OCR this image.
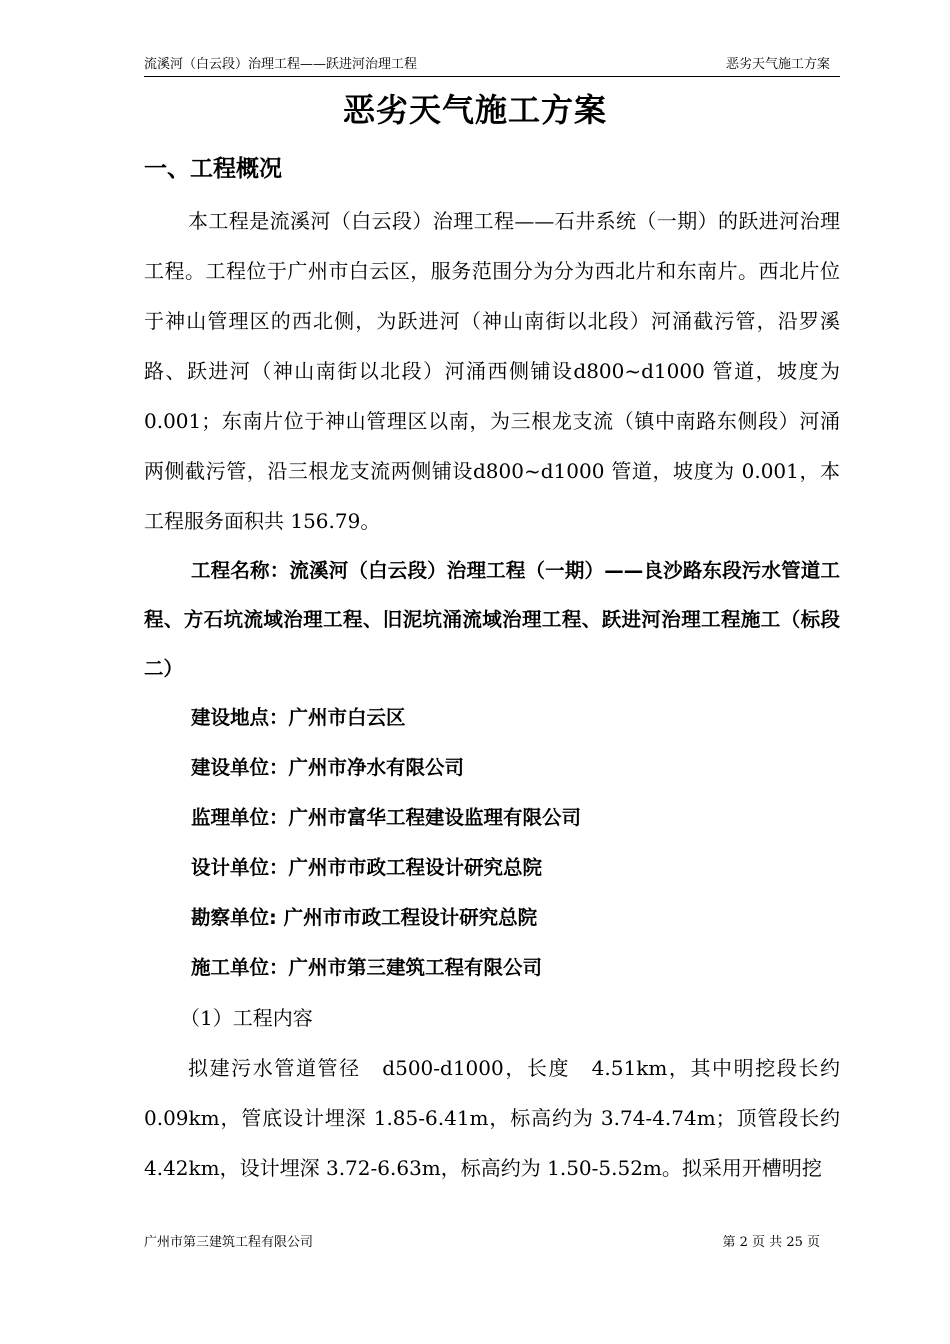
流溪河（白云段）治理工程——跃进河治理工程	恶劣天气施工方案
恶劣天气施工方案
一、工程概况

本工程是流溪河（白云段）治理工程——石井系统（一期）的跃进河治理工程。工程位于广州市白云区，服务范围分为分为西北片和东南片。西北片位于神山管理区的西北侧，为跃进河（神山南街以北段）河涌截污管，沿罗溪路、跃进河（神山南街以北段）河涌西侧铺设d800~d1000 管道，坡度为 0.001；东南片位于神山管理区以南，为三根龙支流（镇中南路东侧段）河涌两侧截污管，沿三根龙支流两侧铺设d800~d1000 管道，坡度为 0.001，本工程服务面积共 156.79。

工程名称：流溪河（白云段）治理工程（一期）——良沙路东段污水管道工程、方石坑流域治理工程、旧泥坑涌流域治理工程、跃进河治理工程施工（标段二）

建设地点：广州市白云区

建设单位：广州市净水有限公司

监理单位：广州市富华工程建设监理有限公司

设计单位：广州市市政工程设计研究总院

勘察单位: 广州市市政工程设计研究总院

施工单位：广州市第三建筑工程有限公司

（1）工程内容

拟建污水管道管径　d500-d1000，长度　4.51km，其中明挖段长约0.09km，管底设计埋深 1.85-6.41m，标高约为 3.74-4.74m；顶管段长约4.42km，设计埋深 3.72-6.63m，标高约为 1.50-5.52m。拟采用开槽明挖

广州市第三建筑工程有限公司	第 2 页 共 25 页
